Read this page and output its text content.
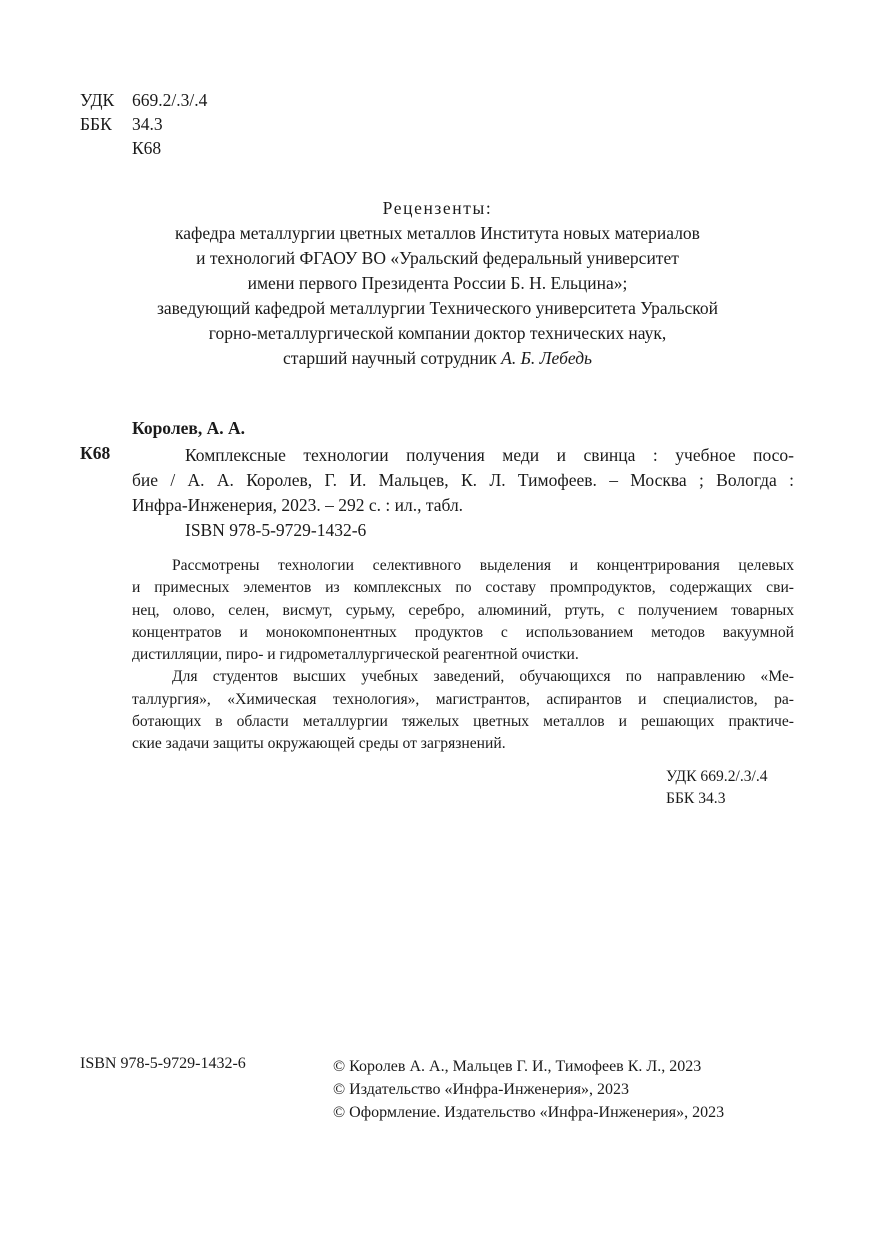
УДК	669.2/.3/.4
ББК	34.3
К68
Рецензенты:
кафедра металлургии цветных металлов Института новых материалов
и технологий ФГАОУ ВО «Уральский федеральный университет
имени первого Президента России Б. Н. Ельцина»;
заведующий кафедрой металлургии Технического университета Уральской
горно-металлургической компании доктор технических наук,
старший научный сотрудник А. Б. Лебедь
Королев, А. А.
К68	Комплексные технологии получения меди и свинца : учебное посо-
бие / А. А. Королев, Г. И. Мальцев, К. Л. Тимофеев. – Москва ; Вологда :
Инфра-Инженерия, 2023. – 292 с. : ил., табл.
ISBN 978-5-9729-1432-6
Рассмотрены технологии селективного выделения и концентрирования целевых
и примесных элементов из комплексных по составу промпродуктов, содержащих сви-
нец, олово, селен, висмут, сурьму, серебро, алюминий, ртуть, с получением товарных
концентратов и монокомпонентных продуктов с использованием методов вакуумной
дистилляции, пиро- и гидрометаллургической реагентной очистки.
Для студентов высших учебных заведений, обучающихся по направлению «Ме-
таллургия», «Химическая технология», магистрантов, аспирантов и специалистов, ра-
ботающих в области металлургии тяжелых цветных металлов и решающих практиче-
ские задачи защиты окружающей среды от загрязнений.
УДК 669.2/.3/.4
ББК 34.3
ISBN 978-5-9729-1432-6	© Королев А. А., Мальцев Г. И., Тимофеев К. Л., 2023
© Издательство «Инфра-Инженерия», 2023
© Оформление. Издательство «Инфра-Инженерия», 2023
